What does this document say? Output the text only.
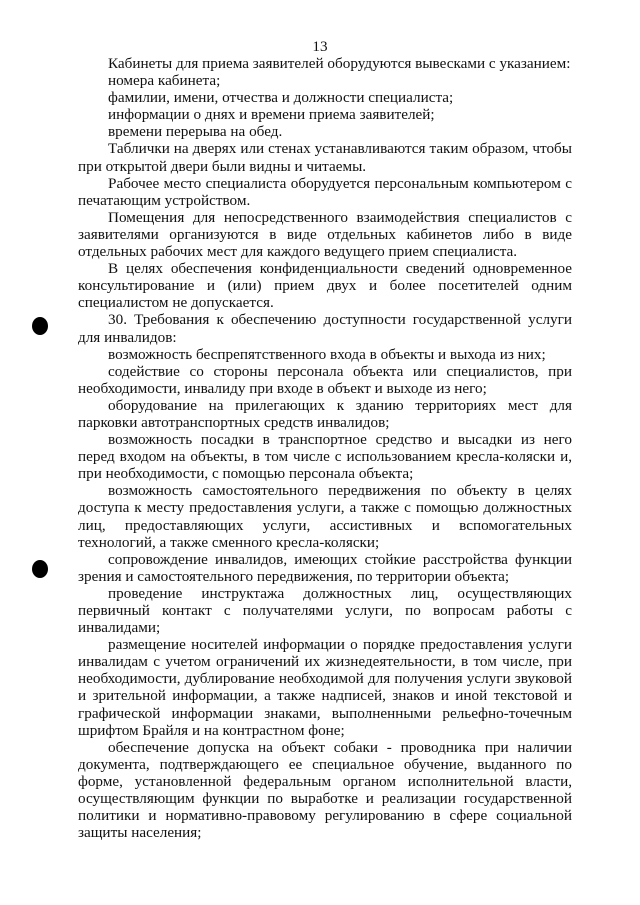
13

Кабинеты для приема заявителей оборудуются вывесками с указанием:

номера кабинета;

фамилии, имени, отчества и должности специалиста;

информации о днях и времени приема заявителей;

времени перерыва на обед.

Таблички на дверях или стенах устанавливаются таким образом, чтобы при открытой двери были видны и читаемы.

Рабочее место специалиста оборудуется персональным компьютером с печатающим устройством.

Помещения для непосредственного взаимодействия специалистов с заявителями организуются в виде отдельных кабинетов либо в виде отдельных рабочих мест для каждого ведущего прием специалиста.

В целях обеспечения конфиденциальности сведений одновременное консультирование и (или) прием двух и более посетителей одним специалистом не допускается.

30. Требования к обеспечению доступности государственной услуги для инвалидов:

возможность беспрепятственного входа в объекты и выхода из них;

содействие со стороны персонала объекта или специалистов, при необходимости, инвалиду при входе в объект и выходе из него;

оборудование на прилегающих к зданию территориях мест для парковки автотранспортных средств инвалидов;

возможность посадки в транспортное средство и высадки из него перед входом на объекты, в том числе с использованием кресла-коляски и, при необходимости, с помощью персонала объекта;

возможность самостоятельного передвижения по объекту в целях доступа к месту предоставления услуги, а также с помощью должностных лиц, предоставляющих услуги, ассистивных и вспомогательных технологий, а также сменного кресла-коляски;

сопровождение инвалидов, имеющих стойкие расстройства функции зрения и самостоятельного передвижения, по территории объекта;

проведение инструктажа должностных лиц, осуществляющих первичный контакт с получателями услуги, по вопросам работы с инвалидами;

размещение носителей информации о порядке предоставления услуги инвалидам с учетом ограничений их жизнедеятельности, в том числе, при необходимости, дублирование необходимой для получения услуги звуковой и зрительной информации, а также надписей, знаков и иной текстовой и графической информации знаками, выполненными рельефно-точечным шрифтом Брайля и на контрастном фоне;

обеспечение допуска на объект собаки - проводника при наличии документа, подтверждающего ее специальное обучение, выданного по форме, установленной федеральным органом исполнительной власти, осуществляющим функции по выработке и реализации государственной политики и нормативно-правовому регулированию в сфере социальной защиты населения;
